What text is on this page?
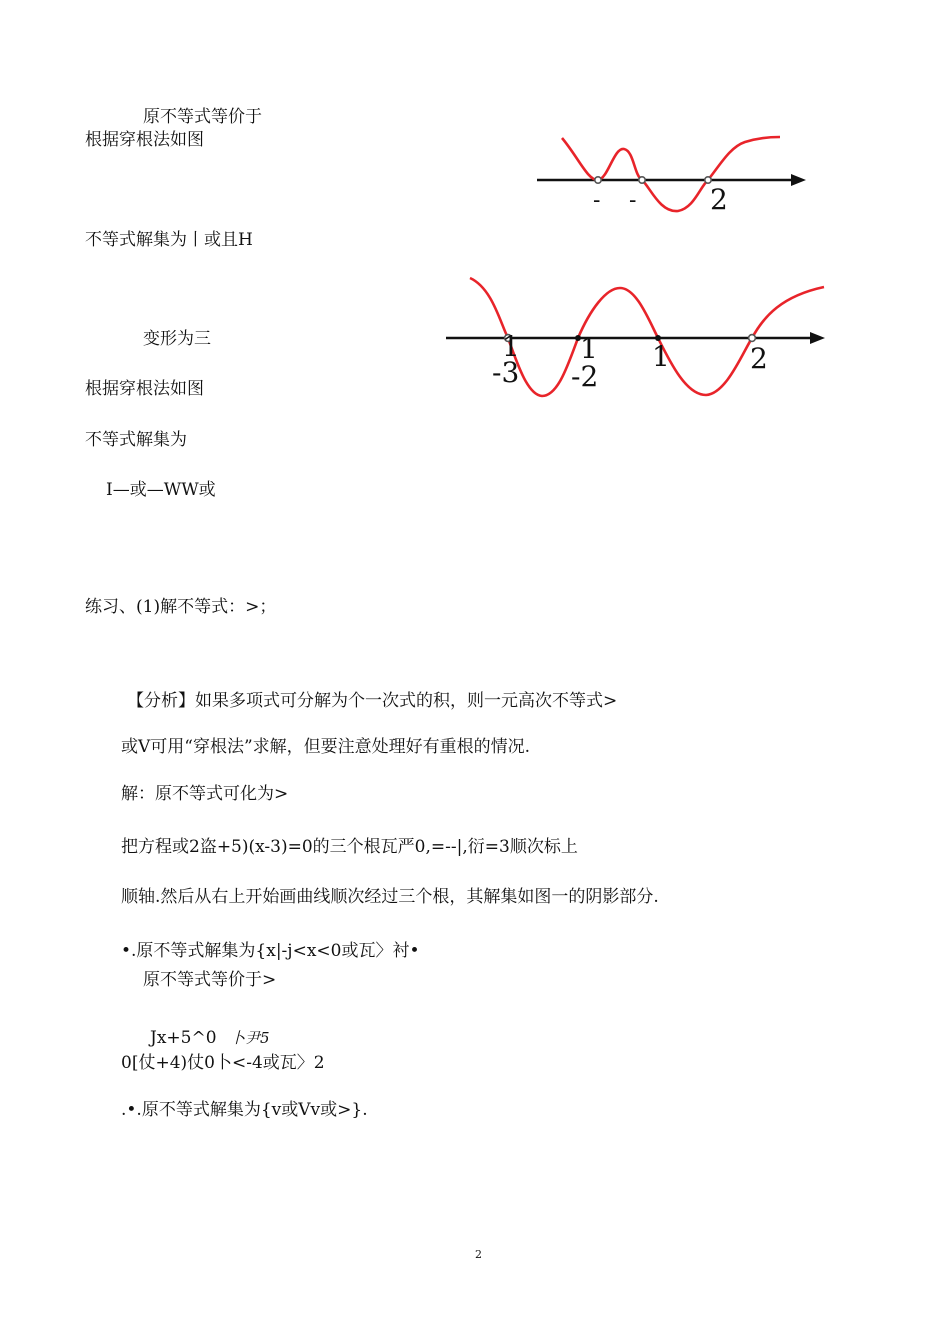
原不等式等价于
根据穿根法如图
不等式解集为丨或且H
变形为三
根据穿根法如图
不等式解集为
I—或—WW或
练习、(1)解不等式：>；
【分析】如果多项式可分解为个一次式的积，则一元高次不等式>
或V可用“穿根法”求解，但要注意处理好有重根的情况.
解：原不等式可化为>
把方程或2盗+5)(x-3)=0的三个根瓦严0,=--|,衍=3顺次标上
顺轴.然后从右上开始画曲线顺次经过三个根，其解集如图一的阴影部分.
•.原不等式解集为{x|-j<x<0或瓦〉衬•
原不等式等价于>
Jx+5^0 卜尹5
0[仗+4)仗0卜<-4或瓦〉2
.•.原不等式解集为{v或Vv或>}.
2
- -	2
1
-3
1
-2
1	2
